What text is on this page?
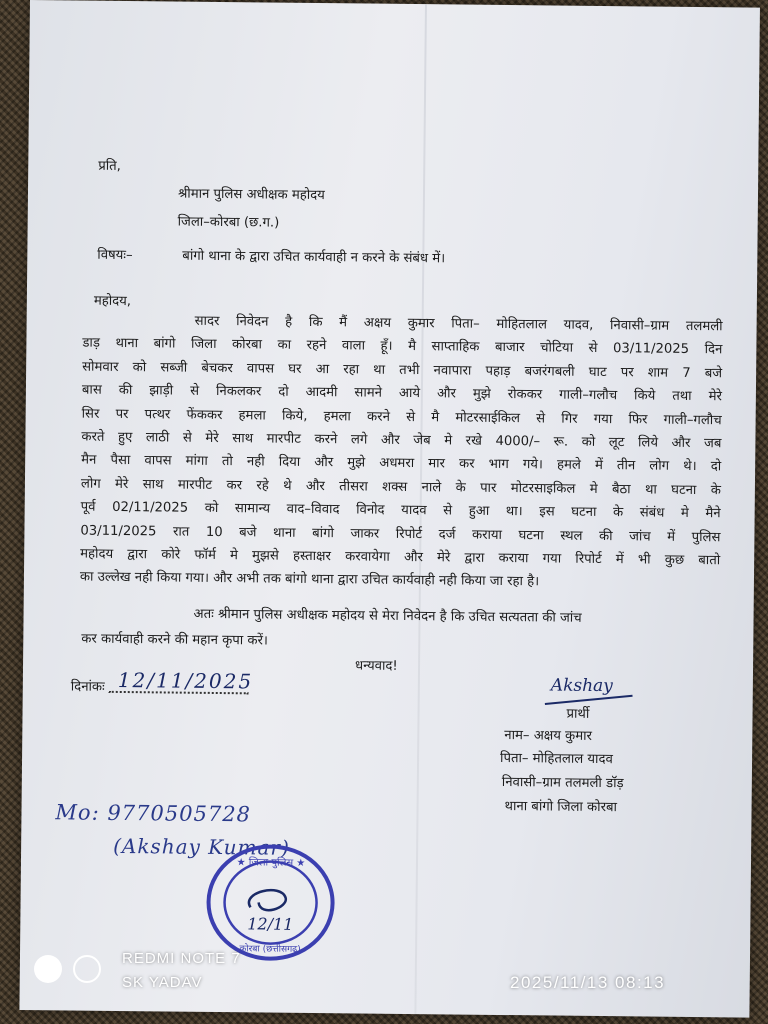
प्रति,
श्रीमान पुलिस अधीक्षक महोदय
जिला–कोरबा (छ.ग.)
विषयः–	बांगो थाना के द्वारा उचित कार्यवाही न करने के संबंध में।
महोदय,
सादर निवेदन है कि मैं अक्षय कुमार पिता– मोहितलाल यादव, निवासी–ग्राम तलमली
डाड़ थाना बांगो जिला कोरबा का रहने वाला हूँ। मै साप्ताहिक बाजार चोटिया से 03/11/2025 दिन
सोमवार को सब्जी बेचकर वापस घर आ रहा था तभी नवापारा पहाड़ बजरंगबली घाट पर शाम 7 बजे
बास की झाड़ी से निकलकर दो आदमी सामने आये और मुझे रोककर गाली–गलौच किये तथा मेरे
सिर पर पत्थर फेंककर हमला किये, हमला करने से मै मोटरसाईकिल से गिर गया फिर गाली–गलौच
करते हुए लाठी से मेरे साथ मारपीट करने लगे और जेब मे रखे 4000/– रू. को लूट लिये और जब
मैन पैसा वापस मांगा तो नही दिया और मुझे अधमरा मार कर भाग गये। हमले में तीन लोग थे। दो
लोग मेरे साथ मारपीट कर रहे थे और तीसरा शक्स नाले के पार मोटरसाइकिल मे बैठा था घटना के
पूर्व 02/11/2025 को सामान्य वाद–विवाद विनोद यादव से हुआ था। इस घटना के संबंध मे मैने
03/11/2025 रात 10 बजे थाना बांगो जाकर रिपोर्ट दर्ज कराया घटना स्थल की जांच में पुलिस
महोदय द्वारा कोरे फॉर्म मे मुझसे हस्ताक्षर करवायेगा और मेरे द्वारा कराया गया रिपोर्ट में भी कुछ बातो
का उल्लेख नही किया गया। और अभी तक बांगो थाना द्वारा उचित कार्यवाही नही किया जा रहा है।
अतः श्रीमान पुलिस अधीक्षक महोदय से मेरा निवेदन है कि उचित सत्यतता की जांच
कर कार्यवाही करने की महान कृपा करें।
धन्यवाद!
दिनांकः 12/11/2025	Akshay
प्रार्थी
नाम– अक्षय कुमार
पिता– मोहितलाल यादव
निवासी–ग्राम तलमली डॉड़
थाना बांगो जिला कोरबा
Mo: 9770505728
(Akshay Kumar)
★ जिला पुलिस ★
कोरबा (छत्तीसगढ़)
12/11

REDMI NOTE 7
SK YADAV	2025/11/13 08:13
